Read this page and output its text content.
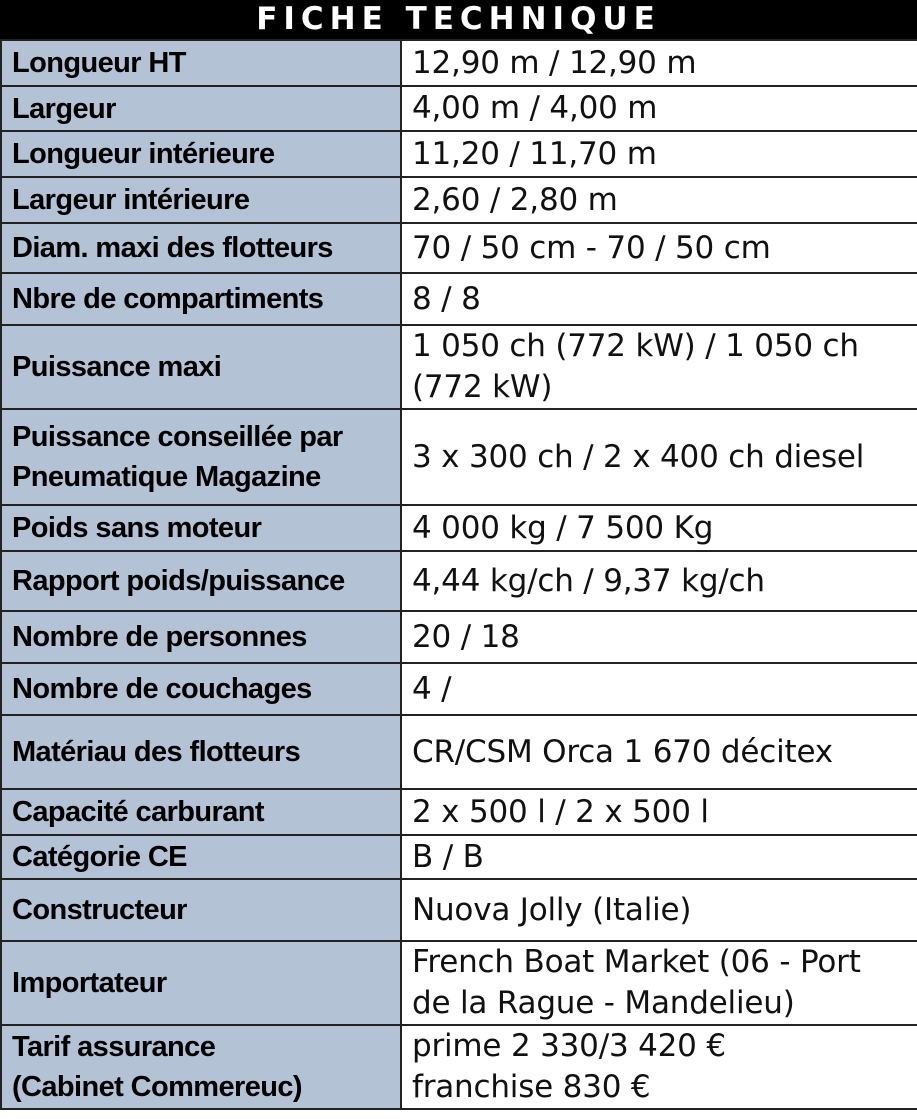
FICHE TECHNIQUE
Longueur HT	12,90 m / 12,90 m

Largeur	4,00 m / 4,00 m

Longueur intérieure	11,20 / 11,70 m

Largeur intérieure	2,60 / 2,80 m

Diam. maxi des flotteurs	70 / 50 cm - 70 / 50 cm

Nbre de compartiments	8 / 8

Puissance maxi	1 050 ch (772 kW) / 1 050 ch
(772 kW)

Puissance conseillée par
Pneumatique Magazine	3 x 300 ch / 2 x 400 ch diesel

Poids sans moteur	4 000 kg / 7 500 Kg

Rapport poids/puissance	4,44 kg/ch / 9,37 kg/ch

Nombre de personnes	20 / 18

Nombre de couchages	4 /

Matériau des flotteurs	CR/CSM Orca 1 670 décitex

Capacité carburant	2 x 500 l / 2 x 500 l

Catégorie CE	B / B

Constructeur	Nuova Jolly (Italie)

Importateur	French Boat Market (06 - Port
de la Rague - Mandelieu)

Tarif assurance
(Cabinet Commereuc)	prime 2 330/3 420 €
franchise 830 €
